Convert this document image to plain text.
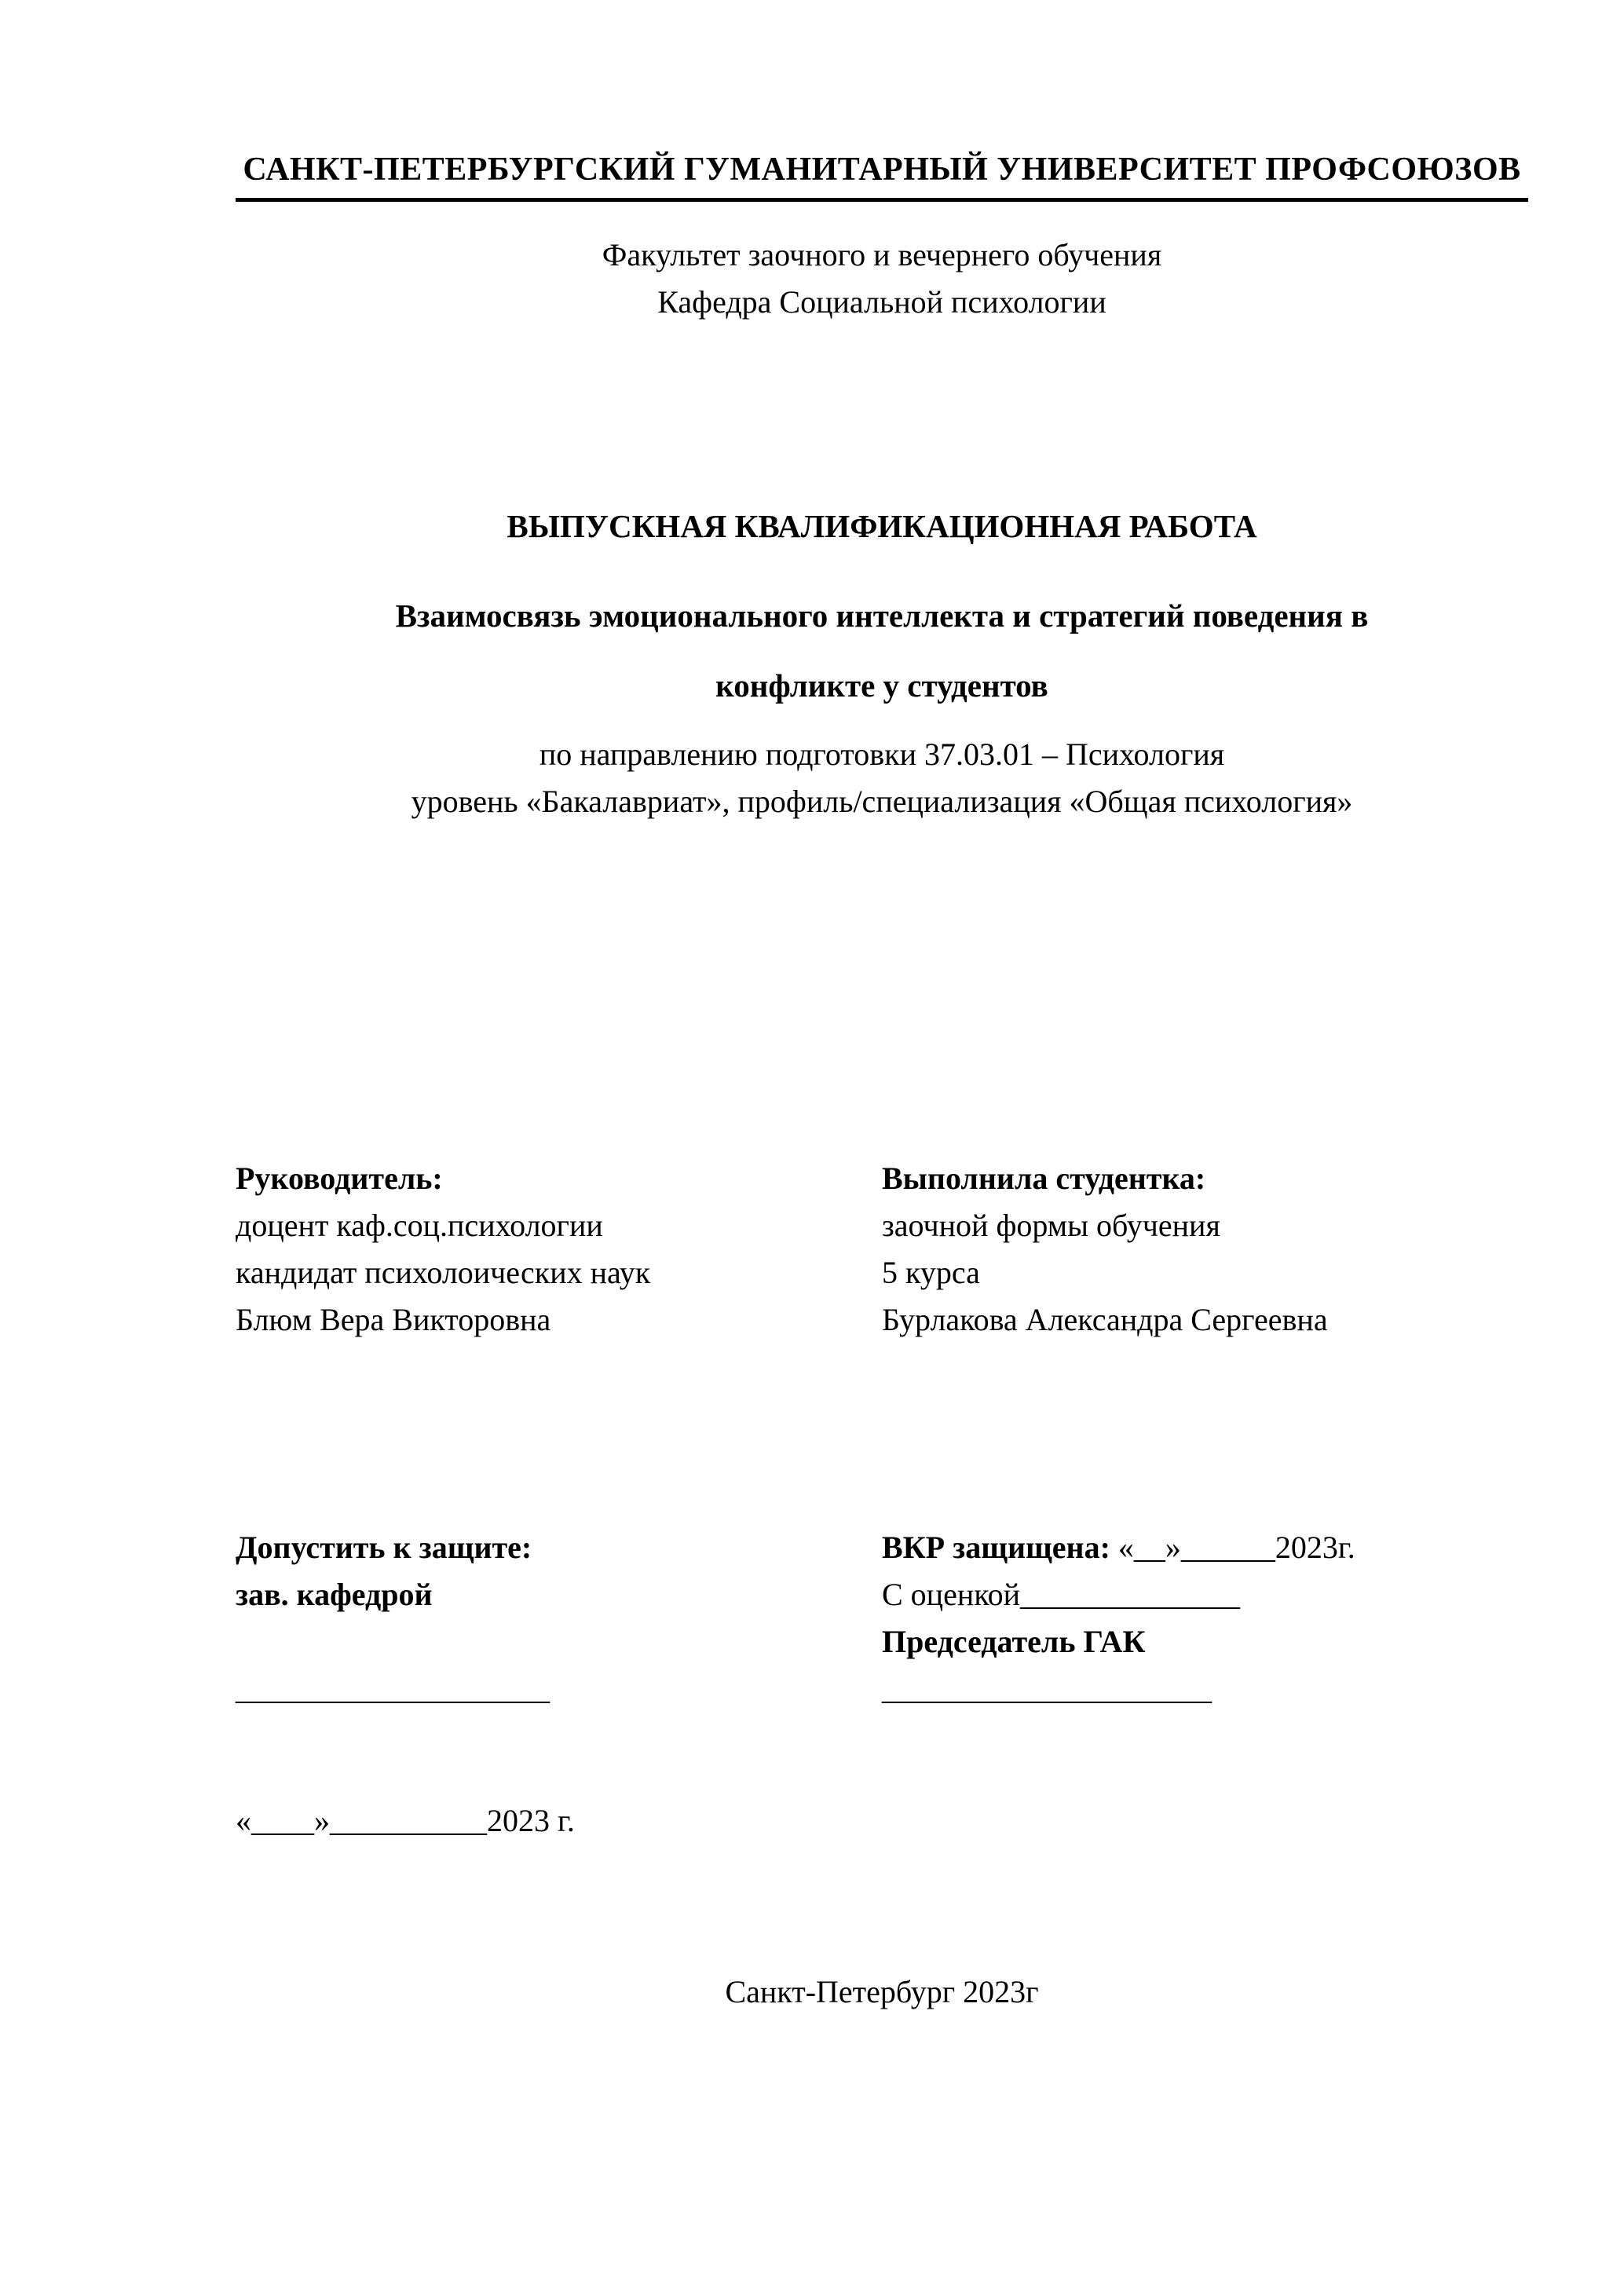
САНКТ-ПЕТЕРБУРГСКИЙ ГУМАНИТАРНЫЙ УНИВЕРСИТЕТ ПРОФСОЮЗОВ
Факультет заочного и вечернего обучения
Кафедра Социальной психологии
ВЫПУСКНАЯ КВАЛИФИКАЦИОННАЯ РАБОТА
Взаимосвязь эмоционального интеллекта и стратегий поведения в
конфликте у студентов
по направлению подготовки 37.03.01 – Психология
уровень «Бакалавриат», профиль/специализация «Общая психология»
Руководитель:
доцент каф.соц.психологии
кандидат психолоических наук
Блюм Вера Викторовна
Выполнила студентка:
заочной формы обучения
5 курса
Бурлакова Александра Сергеевна
Допустить к защите:
зав. кафедрой
____________________
ВКР защищена: «__»______2023г.
С оценкой______________
Председатель ГАК
_____________________
«____»__________2023 г.
Санкт-Петербург 2023г
